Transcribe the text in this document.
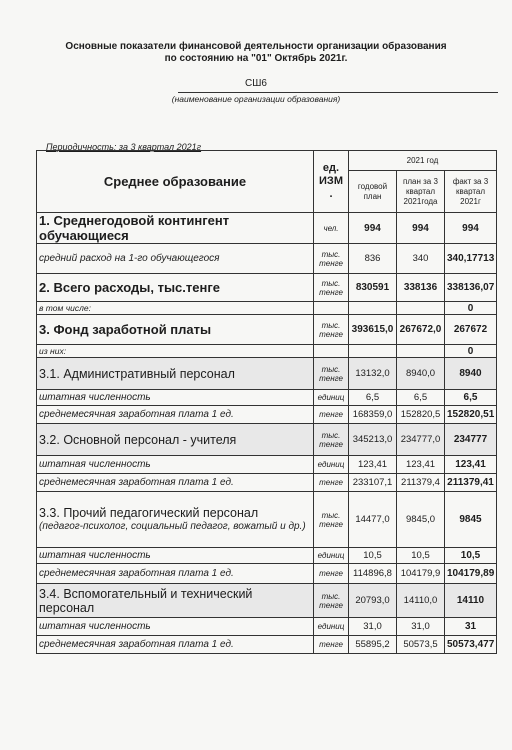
Основные показатели финансовой деятельности организации образования
по состоянию на "01" Октябрь 2021г.
СШ6
(наименование организации образования)
Периодичность: за 3 квартал 2021г
Среднее образование	ед. ИЗМ .	2021 год		
		годовой план	план за 3 квартал 2021года	факт за 3 квартал 2021г
1. Среднегодовой контингент обучающиеся	чел.	994	994	994
средний расход на 1-го обучающегося	тыс. тенге	836	340	340,17713
2. Всего расходы, тыс.тенге	тыс. тенге	830591	338136	338136,07
в том числе:				0
3. Фонд заработной платы	тыс. тенге	393615,0	267672,0	267672
из них:				0
3.1. Административный персонал	тыс. тенге	13132,0	8940,0	8940
штатная численность	единиц	6,5	6,5	6,5
среднемесячная заработная плата 1 ед.	тенге	168359,0	152820,5	152820,51
3.2. Основной персонал - учителя	тыс. тенге	345213,0	234777,0	234777
штатная численность	единиц	123,41	123,41	123,41
среднемесячная заработная плата 1 ед.	тенге	233107,1	211379,4	211379,41

3.3. Прочий педагогический персонал
(педагог-психолог, социальный педагог, вожатый и др.)	тыс. тенге	14477,0	9845,0	9845
штатная численность	единиц	10,5	10,5	10,5
среднемесячная заработная плата 1 ед.	тенге	114896,8	104179,9	104179,89
3.4. Вспомогательный и технический персонал	тыс. тенге	20793,0	14110,0	14110
штатная численность	единиц	31,0	31,0	31
среднемесячная заработная плата 1 ед.	тенге	55895,2	50573,5	50573,477
